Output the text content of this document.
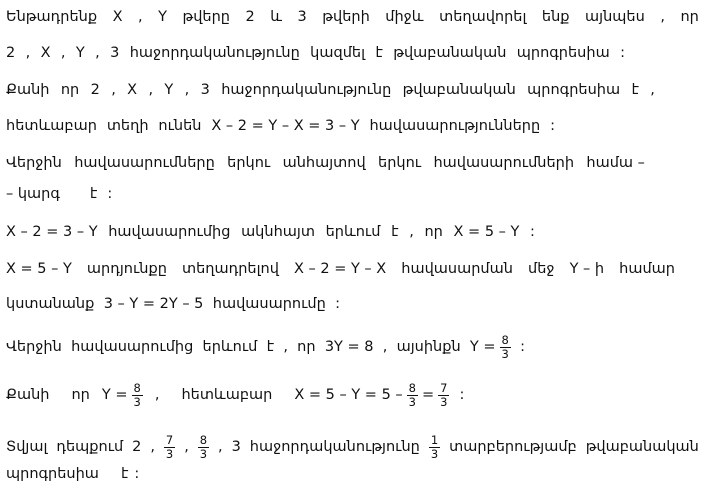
Ենթադրենք X , Y թվերը 2 և 3 թվերի միջև տեղավորել ենք այնպես , որ
2 , X , Y , 3 հաջորդականությունը կազմել է թվաբանական պրոգրեսիա :
Քանի որ 2 , X , Y , 3 հաջորդականությունը թվաբանական պրոգրեսիա է ,
հետևաբար տեղի ունեն X – 2 = Y – X = 3 – Y հավասարությունները :
Վերջին հավասարումները երկու անհայտով երկու հավասարումների համա –
– կարգ է :
X – 2 = 3 – Y հավասարումից ակնհայտ երևում է , որ X = 5 – Y :
X = 5 – Y արդյունքը տեղադրելով X – 2 = Y – X հավասարման մեջ Y – ի համար
կստանանք 3 – Y = 2Y – 5 հավասարումը :
Վերջին հավասարումից երևում է , որ 3Y = 8 , այսինքն $Y = \frac{8}{3}$ :
Քանի որ $Y = \frac{8}{3}$ , հետևաբար $X = 5 - Y = 5 - \frac{8}{3} = \frac{7}{3}$ :
Տվյալ դեպքում 2 , $\frac{7}{3}$ , $\frac{8}{3}$ , 3 հաջորդականությունը $\frac{1}{3}$ տարբերությամբ թվաբանական
պրոգրեսիա է :
